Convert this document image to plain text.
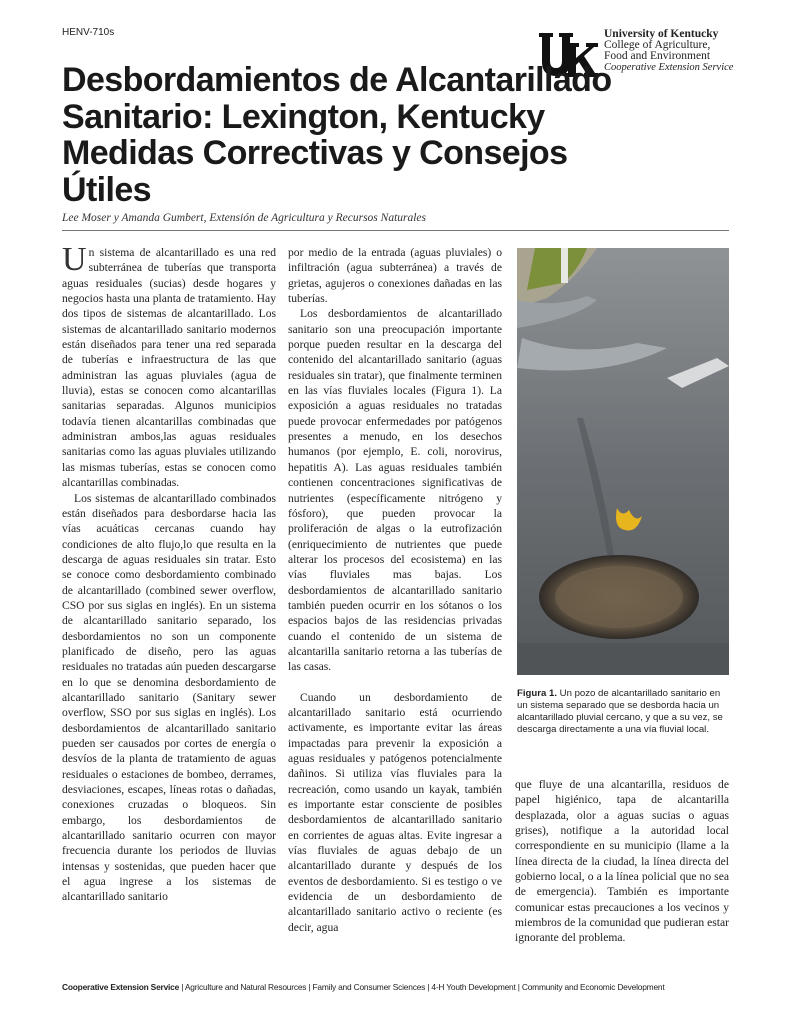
HENV-710s	University of Kentucky
College of Agriculture,
Food and Environment
Cooperative Extension Service
Desbordamientos de Alcantarillado Sanitario: Lexington, Kentucky Medidas Correctivas y Consejos Útiles
Lee Moser y Amanda Gumbert, Extensión de Agricultura y Recursos Naturales

Un sistema de alcantarillado es una red subterránea de tuberías que transporta aguas residuales (sucias) desde hogares y negocios hasta una planta de tratamiento. Hay dos tipos de sistemas de alcantarillado. Los sistemas de alcantarillado sanitario modernos están diseñados para tener una red separada de tuberías e infraestructura de las que administran las aguas pluviales (agua de lluvia), estas se conocen como alcantarillas sanitarias separadas. Algunos municipios todavía tienen alcantarillas combinadas que administran ambos,las aguas residuales sanitarias como las aguas pluviales utilizando las mismas tuberías, estas se conocen como alcantarillas combinadas.

Los sistemas de alcantarillado combinados están diseñados para desbordarse hacia las vías acuáticas cercanas cuando hay condiciones de alto flujo,lo que resulta en la descarga de aguas residuales sin tratar. Esto se conoce como desbordamiento combinado de alcantarillado (combined sewer overflow, CSO por sus siglas en inglés). En un sistema de alcantarillado sanitario separado, los desbordamientos no son un componente planificado de diseño, pero las aguas residuales no tratadas aún pueden descargarse en lo que se denomina desbordamiento de alcantarillado sanitario (Sanitary sewer overflow, SSO por sus siglas en inglés). Los desbordamientos de alcantarillado sanitario pueden ser causados por cortes de energía o desvíos de la planta de tratamiento de aguas residuales o estaciones de bombeo, derrames, desviaciones, escapes, líneas rotas o dañadas, conexiones cruzadas o bloqueos. Sin embargo, los desbordamientos de alcantarillado sanitario ocurren con mayor frecuencia durante los periodos de lluvias intensas y sostenidas, que pueden hacer que el agua ingrese a los sistemas de alcantarillado sanitario

por medio de la entrada (aguas pluviales) o infiltración (agua subterránea) a través de grietas, agujeros o conexiones dañadas en las tuberías.

Los desbordamientos de alcantarillado sanitario son una preocupación importante porque pueden resultar en la descarga del contenido del alcantarillado sanitario (aguas residuales sin tratar), que finalmente terminen en las vías fluviales locales (Figura 1). La exposición a aguas residuales no tratadas puede provocar enfermedades por patógenos presentes a menudo, en los desechos humanos (por ejemplo, E. coli, norovirus, hepatitis A). Las aguas residuales también contienen concentraciones significativas de nutrientes (específicamente nitrógeno y fósforo), que pueden provocar la proliferación de algas o la eutrofización (enriquecimiento de nutrientes que puede alterar los procesos del ecosistema) en las vías fluviales mas bajas. Los desbordamientos de alcantarillado sanitario también pueden ocurrir en los sótanos o los espacios bajos de las residencias privadas cuando el contenido de un sistema de alcantarilla sanitario retorna a las tuberías de las casas.

Cuando un desbordamiento de alcantarillado sanitario está ocurriendo activamente, es importante evitar las áreas impactadas para prevenir la exposición a aguas residuales y patógenos potencialmente dañinos. Si utiliza vías fluviales para la recreación, como usando un kayak, también es importante estar consciente de posibles desbordamientos de alcantarillado sanitario en corrientes de aguas altas. Evite ingresar a vías fluviales de aguas debajo de un alcantarillado durante y después de los eventos de desbordamiento. Si es testigo o ve evidencia de un desbordamiento de alcantarillado sanitario activo o reciente (es decir, agua

Figura 1. Un pozo de alcantarillado sanitario en un sistema separado que se desborda hacia un alcantarillado pluvial cercano, y que a su vez, se descarga directamente a una vía fluvial local.

que fluye de una alcantarilla, residuos de papel higiénico, tapa de alcantarilla desplazada, olor a aguas sucias o aguas grises), notifique a la autoridad local correspondiente en su municipio (llame a la línea directa de la ciudad, la línea directa del gobierno local, o a la línea policial que no sea de emergencia). También es importante comunicar estas precauciones a los vecinos y miembros de la comunidad que pudieran estar ignorante del problema.

Cooperative Extension Service | Agriculture and Natural Resources | Family and Consumer Sciences | 4-H Youth Development | Community and Economic Development
